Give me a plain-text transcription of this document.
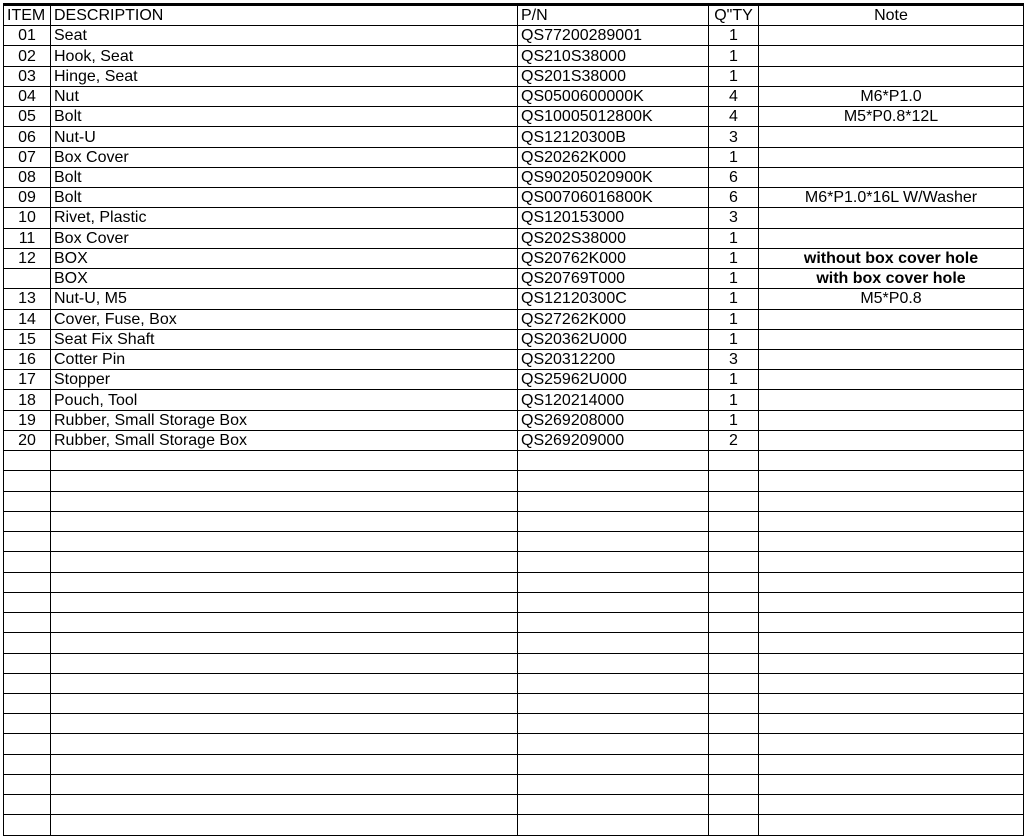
ITEM	DESCRIPTION	P/N	Q"TY	Note
01	Seat	QS77200289001	1	
02	Hook, Seat	QS210S38000	1	
03	Hinge, Seat	QS201S38000	1	
04	Nut	QS0500600000K	4	M6*P1.0
05	Bolt	QS10005012800K	4	M5*P0.8*12L
06	Nut-U	QS12120300B	3	
07	Box Cover	QS20262K000	1	
08	Bolt	QS90205020900K	6	
09	Bolt	QS00706016800K	6	M6*P1.0*16L W/Washer
10	Rivet, Plastic	QS120153000	3	
11	Box Cover	QS202S38000	1	
12	BOX	QS20762K000	1	without box cover hole
	BOX	QS20769T000	1	with box cover hole
13	Nut-U, M5	QS12120300C	1	M5*P0.8
14	Cover, Fuse, Box	QS27262K000	1	
15	Seat Fix Shaft	QS20362U000	1	
16	Cotter Pin	QS20312200	3	
17	Stopper	QS25962U000	1	
18	Pouch, Tool	QS120214000	1	
19	Rubber, Small Storage Box	QS269208000	1	
20	Rubber, Small Storage Box	QS269209000	2	
